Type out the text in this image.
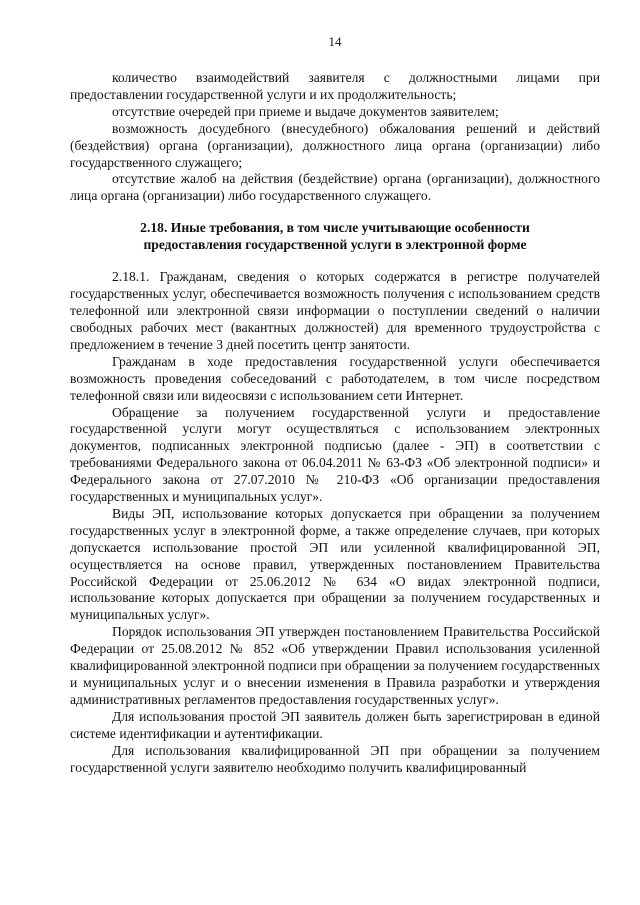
14

количество взаимодействий заявителя с должностными лицами при предоставлении государственной услуги и их продолжительность;

отсутствие очередей при приеме и выдаче документов заявителем;

возможность досудебного (внесудебного) обжалования решений и действий (бездействия) органа (организации), должностного лица органа (организации) либо государственного служащего;

отсутствие жалоб на действия (бездействие) органа (организации), должностного лица органа (организации) либо государственного служащего.

2.18. Иные требования, в том числе учитывающие особенности
предоставления государственной услуги в электронной форме

2.18.1. Гражданам, сведения о которых содержатся в регистре получателей государственных услуг, обеспечивается возможность получения с использованием средств телефонной или электронной связи информации о поступлении сведений о наличии свободных рабочих мест (вакантных должностей) для временного трудоустройства с предложением в течение 3 дней посетить центр занятости.

Гражданам в ходе предоставления государственной услуги обеспечивается возможность проведения собеседований с работодателем, в том числе посредством телефонной связи или видеосвязи с использованием сети Интернет.

Обращение за получением государственной услуги и предоставление государственной услуги могут осуществляться с использованием электронных документов, подписанных электронной подписью (далее - ЭП) в соответствии с требованиями Федерального закона от 06.04.2011 № 63-ФЗ «Об электронной подписи» и Федерального закона от 27.07.2010 № 210-ФЗ «Об организации предоставления государственных и муниципальных услуг».

Виды ЭП, использование которых допускается при обращении за получением государственных услуг в электронной форме, а также определение случаев, при которых допускается использование простой ЭП или усиленной квалифицированной ЭП, осуществляется на основе правил, утвержденных постановлением Правительства Российской Федерации от 25.06.2012 № 634 «О видах электронной подписи, использование которых допускается при обращении за получением государственных и муниципальных услуг».

Порядок использования ЭП утвержден постановлением Правительства Российской Федерации от 25.08.2012 № 852 «Об утверждении Правил использования усиленной квалифицированной электронной подписи при обращении за получением государственных и муниципальных услуг и о внесении изменения в Правила разработки и утверждения административных регламентов предоставления государственных услуг».

Для использования простой ЭП заявитель должен быть зарегистрирован в единой системе идентификации и аутентификации.

Для использования квалифицированной ЭП при обращении за получением государственной услуги заявителю необходимо получить квалифицированный
